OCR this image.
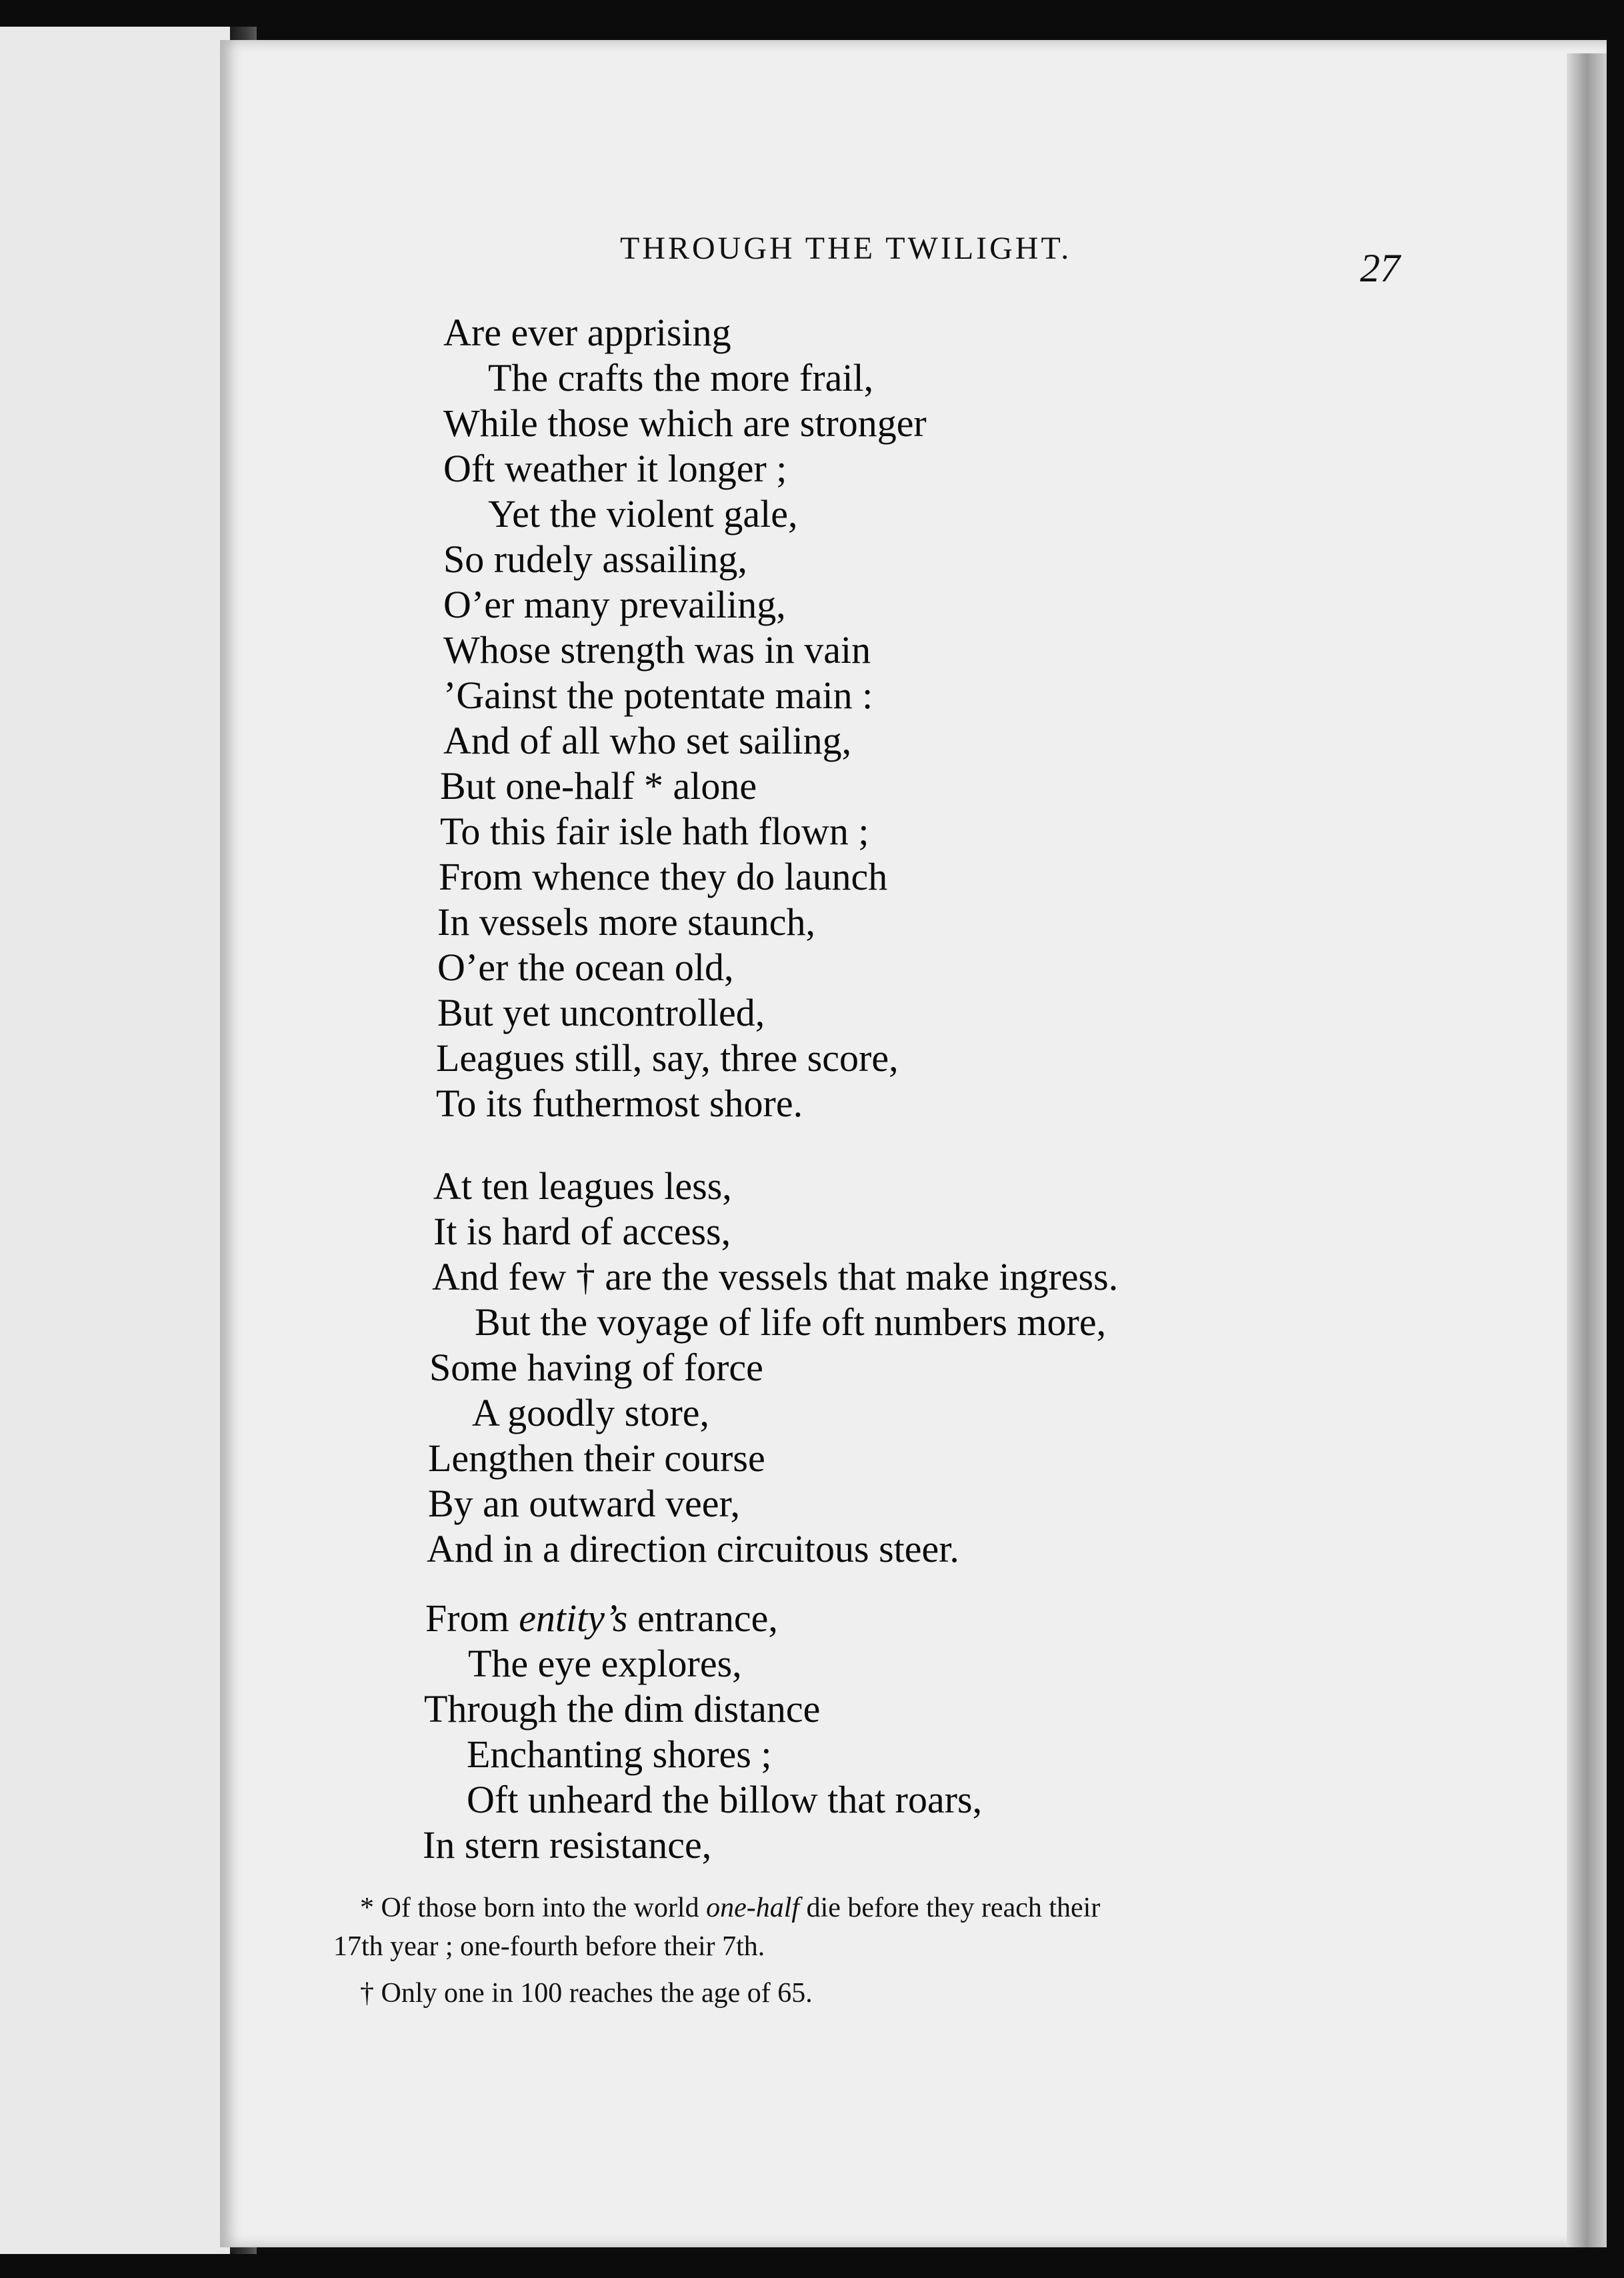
THROUGH THE TWILIGHT.	27
Are ever apprising
The crafts the more frail,
While those which are stronger
Oft weather it longer ;
Yet the violent gale,
So rudely assailing,
O’er many prevailing,
Whose strength was in vain
’Gainst the potentate main :
And of all who set sailing,
But one-half * alone
To this fair isle hath flown ;
From whence they do launch
In vessels more staunch,
O’er the ocean old,
But yet uncontrolled,
Leagues still, say, three score,
To its futhermost shore.
At ten leagues less,
It is hard of access,
And few † are the vessels that make ingress.
But the voyage of life oft numbers more,
Some having of force
A goodly store,
Lengthen their course
By an outward veer,
And in a direction circuitous steer.
From entity’s entrance,
The eye explores,
Through the dim distance
Enchanting shores ;
Oft unheard the billow that roars,
In stern resistance,
* Of those born into the world one-half die before they reach their
17th year ; one-fourth before their 7th.
† Only one in 100 reaches the age of 65.
